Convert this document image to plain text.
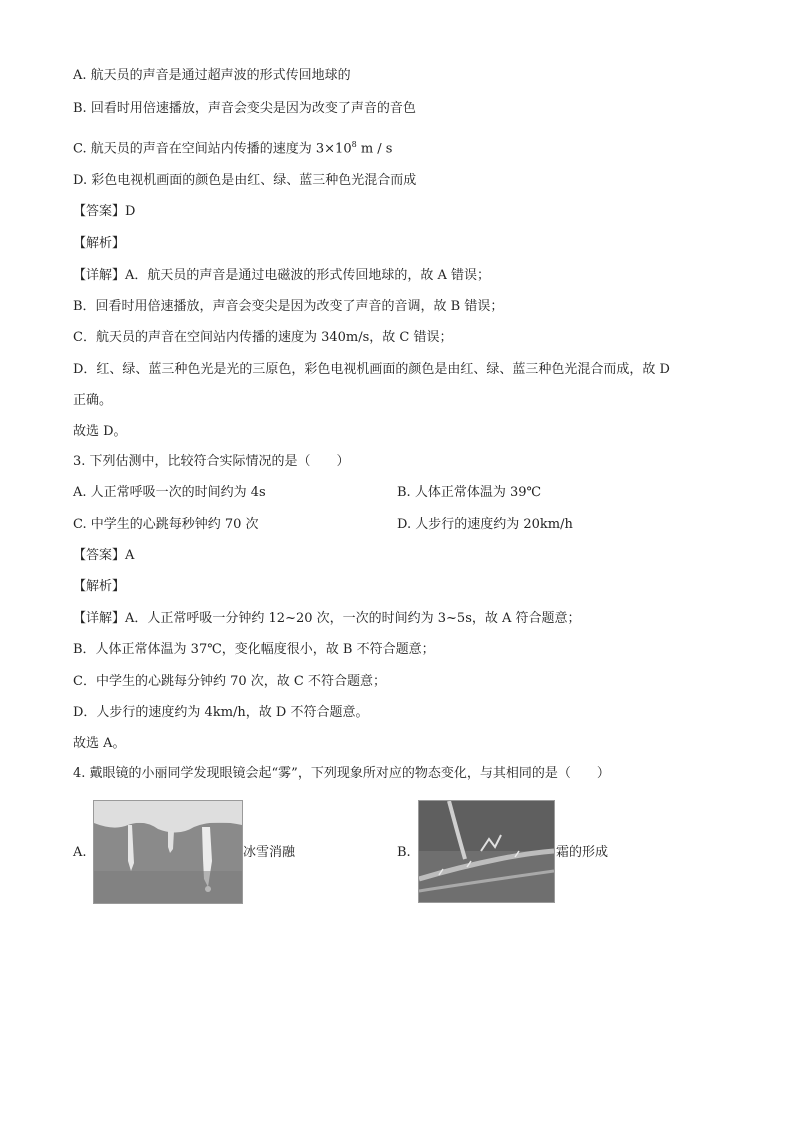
A. 航天员的声音是通过超声波的形式传回地球的
B. 回看时用倍速播放，声音会变尖是因为改变了声音的音色
C. 航天员的声音在空间站内传播的速度为 $3\times 10^8$ m / s
D. 彩色电视机画面的颜色是由红、绿、蓝三种色光混合而成
【答案】D
【解析】
【详解】A．航天员的声音是通过电磁波的形式传回地球的，故 A 错误；
B．回看时用倍速播放，声音会变尖是因为改变了声音的音调，故 B 错误；
C．航天员的声音在空间站内传播的速度为 340m/s，故 C 错误；
D．红、绿、蓝三种色光是光的三原色，彩色电视机画面的颜色是由红、绿、蓝三种色光混合而成，故 D
正确。
故选 D。
3. 下列估测中，比较符合实际情况的是（　　）
A. 人正常呼吸一次的时间约为 4s	B. 人体正常体温为 39℃
C. 中学生的心跳每秒钟约 70 次	D. 人步行的速度约为 20km/h
【答案】A
【解析】
【详解】A．人正常呼吸一分钟约 12~20 次，一次的时间约为 3~5s，故 A 符合题意；
B．人体正常体温为 37℃，变化幅度很小，故 B 不符合题意；
C．中学生的心跳每分钟约 70 次，故 C 不符合题意；
D．人步行的速度约为 4km/h，故 D 不符合题意。
故选 A。
4. 戴眼镜的小丽同学发现眼镜会起“雾”，下列现象所对应的物态变化，与其相同的是（　　）
A.	冰雪消融	B.	霜的形成
